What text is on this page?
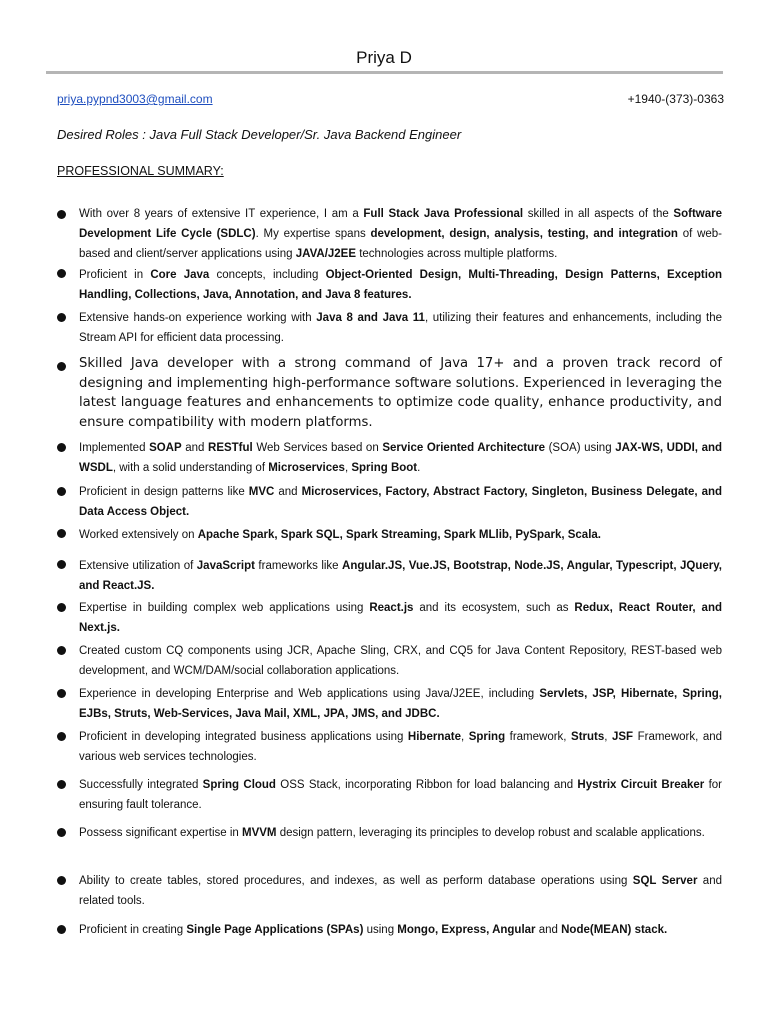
Priya D
priya.pypnd3003@gmail.com	+1940-(373)-0363
Desired Roles : Java Full Stack Developer/Sr. Java Backend Engineer
PROFESSIONAL SUMMARY:
With over 8 years of extensive IT experience, I am a Full Stack Java Professional skilled in all aspects of the Software Development Life Cycle (SDLC). My expertise spans development, design, analysis, testing, and integration of web-based and client/server applications using JAVA/J2EE technologies across multiple platforms.
Proficient in Core Java concepts, including Object-Oriented Design, Multi-Threading, Design Patterns, Exception Handling, Collections, Java, Annotation, and Java 8 features.
Extensive hands-on experience working with Java 8 and Java 11, utilizing their features and enhancements, including the Stream API for efficient data processing.
Skilled Java developer with a strong command of Java 17+ and a proven track record of designing and implementing high-performance software solutions. Experienced in leveraging the latest language features and enhancements to optimize code quality, enhance productivity, and ensure compatibility with modern platforms.
Implemented SOAP and RESTful Web Services based on Service Oriented Architecture (SOA) using JAX-WS, UDDI, and WSDL, with a solid understanding of Microservices, Spring Boot.
Proficient in design patterns like MVC and Microservices, Factory, Abstract Factory, Singleton, Business Delegate, and Data Access Object.
Worked extensively on Apache Spark, Spark SQL, Spark Streaming, Spark MLlib, PySpark, Scala.
Extensive utilization of JavaScript frameworks like Angular.JS, Vue.JS, Bootstrap, Node.JS, Angular, Typescript, JQuery, and React.JS.
Expertise in building complex web applications using React.js and its ecosystem, such as Redux, React Router, and Next.js.
Created custom CQ components using JCR, Apache Sling, CRX, and CQ5 for Java Content Repository, REST-based web development, and WCM/DAM/social collaboration applications.
Experience in developing Enterprise and Web applications using Java/J2EE, including Servlets, JSP, Hibernate, Spring, EJBs, Struts, Web-Services, Java Mail, XML, JPA, JMS, and JDBC.
Proficient in developing integrated business applications using Hibernate, Spring framework, Struts, JSF Framework, and various web services technologies.
Successfully integrated Spring Cloud OSS Stack, incorporating Ribbon for load balancing and Hystrix Circuit Breaker for ensuring fault tolerance.
Possess significant expertise in MVVM design pattern, leveraging its principles to develop robust and scalable applications.
Ability to create tables, stored procedures, and indexes, as well as perform database operations using SQL Server and related tools.
Proficient in creating Single Page Applications (SPAs) using Mongo, Express, Angular and Node(MEAN) stack.
